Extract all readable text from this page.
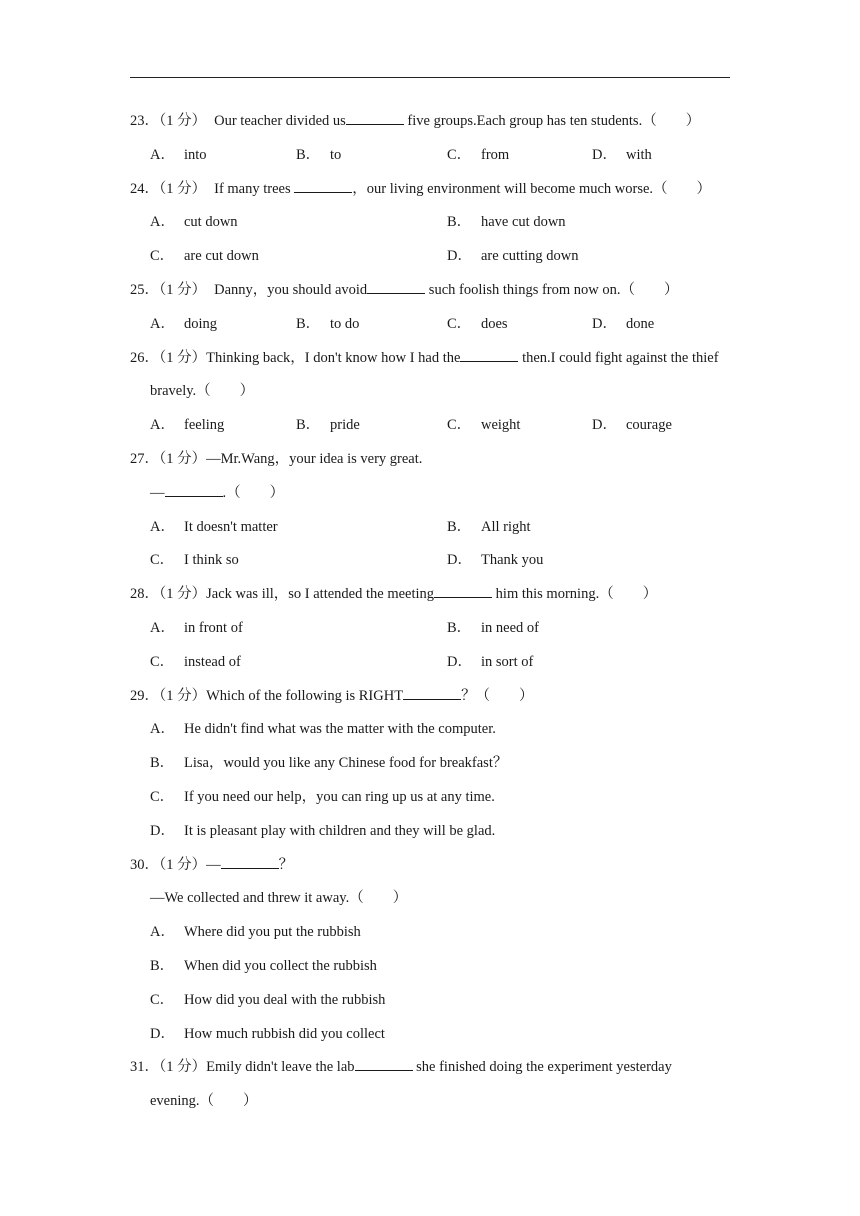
23．（1 分） Our teacher divided us	five groups.Each group has ten students.（　　）
A． into	B． to	C． from	D． with
24．（1 分） If many trees	，our living environment will become much worse.（　　）
A． cut down	B． have cut down
C． are cut down	D． are cutting down
25．（1 分） Danny，you should avoid	such foolish things from now on.（　　）
A． doing	B． to do	C． does	D． done
26．（1 分）Thinking back，I don't know how I had the	then.I could fight against the thief
bravely.（　　）
A． feeling	B． pride	C． weight	D． courage
27．（1 分）—Mr.Wang，your idea is very great.
—	.（　　）
A． It doesn't matter	B． All right
C． I think so	D． Thank you
28．（1 分）Jack was ill，so I attended the meeting	him this morning.（　　）
A． in front of	B． in need of
C． instead of	D． in sort of
29．（1 分）Which of the following is RIGHT	？（　　）
A． He didn't find what was the matter with the computer.
B． Lisa，would you like any Chinese food for breakfast？
C． If you need our help，you can ring up us at any time.
D． It is pleasant play with children and they will be glad.
30．（1 分）—	？
—We collected and threw it away.（　　）
A． Where did you put the rubbish
B． When did you collect the rubbish
C． How did you deal with the rubbish
D． How much rubbish did you collect
31．（1 分）Emily didn't leave the lab	she finished doing the experiment yesterday
evening.（　　）
